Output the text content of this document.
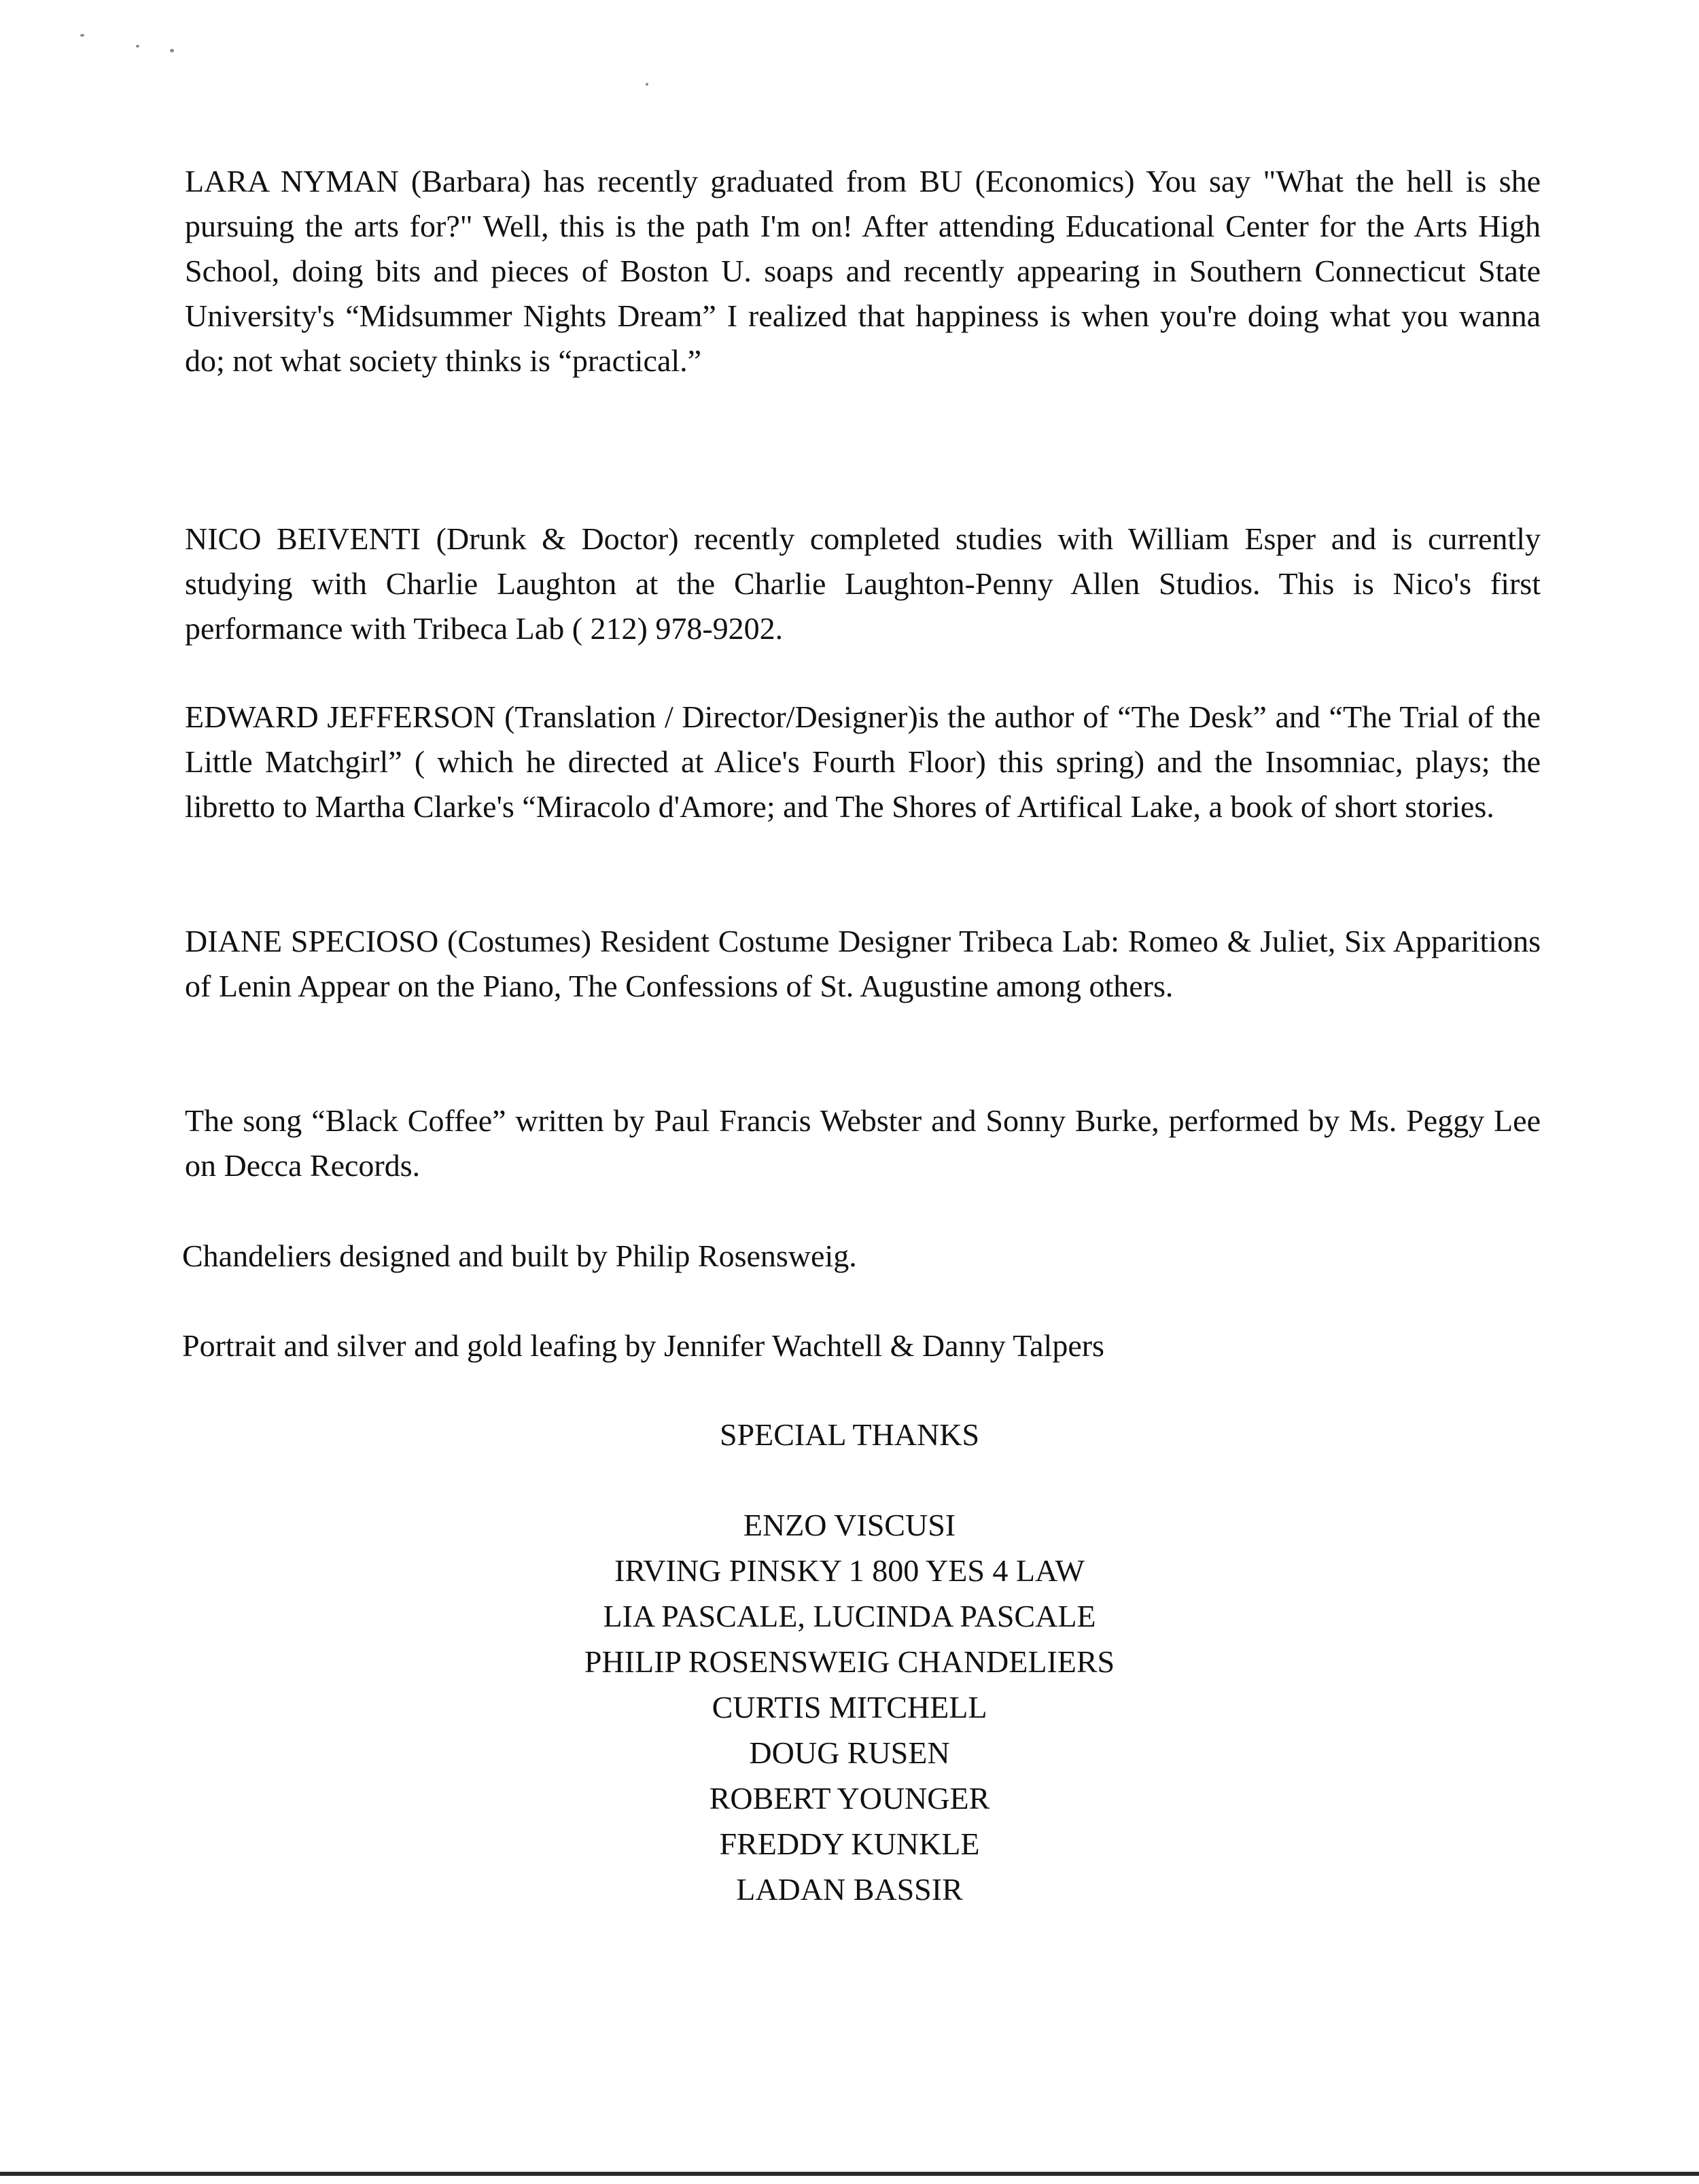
LARA NYMAN (Barbara) has recently graduated from BU (Economics) You say "What the hell is she pursuing the arts for?" Well, this is the path I'm on! After attending Educational Center for the Arts High School, doing bits and pieces of Boston U. soaps and recently appearing in Southern Connecticut State University's “Midsummer Nights Dream” I realized that happiness is when you're doing what you wanna do; not what society thinks is “practical.”

NICO BEIVENTI (Drunk & Doctor) recently completed studies with William Esper and is currently studying with Charlie Laughton at the Charlie Laughton-Penny Allen Studios. This is Nico's first performance with Tribeca Lab ( 212) 978-9202.

EDWARD JEFFERSON (Translation / Director/Designer)is the author of “The Desk” and “The Trial of the Little Matchgirl” ( which he directed at Alice's Fourth Floor) this spring) and the Insomniac, plays; the libretto to Martha Clarke's “Miracolo d'Amore; and The Shores of Artifical Lake, a book of short stories.

DIANE SPECIOSO (Costumes) Resident Costume Designer Tribeca Lab: Romeo & Juliet, Six Apparitions of Lenin Appear on the Piano, The Confessions of St. Augustine among others.

The song “Black Coffee” written by Paul Francis Webster and Sonny Burke, performed by Ms. Peggy Lee on Decca Records.

Chandeliers designed and built by Philip Rosensweig.

Portrait and silver and gold leafing by Jennifer Wachtell & Danny Talpers

SPECIAL THANKS
ENZO VISCUSI
IRVING PINSKY 1 800 YES 4 LAW
LIA PASCALE, LUCINDA PASCALE
PHILIP ROSENSWEIG CHANDELIERS
CURTIS MITCHELL
DOUG RUSEN
ROBERT YOUNGER
FREDDY KUNKLE
LADAN BASSIR
